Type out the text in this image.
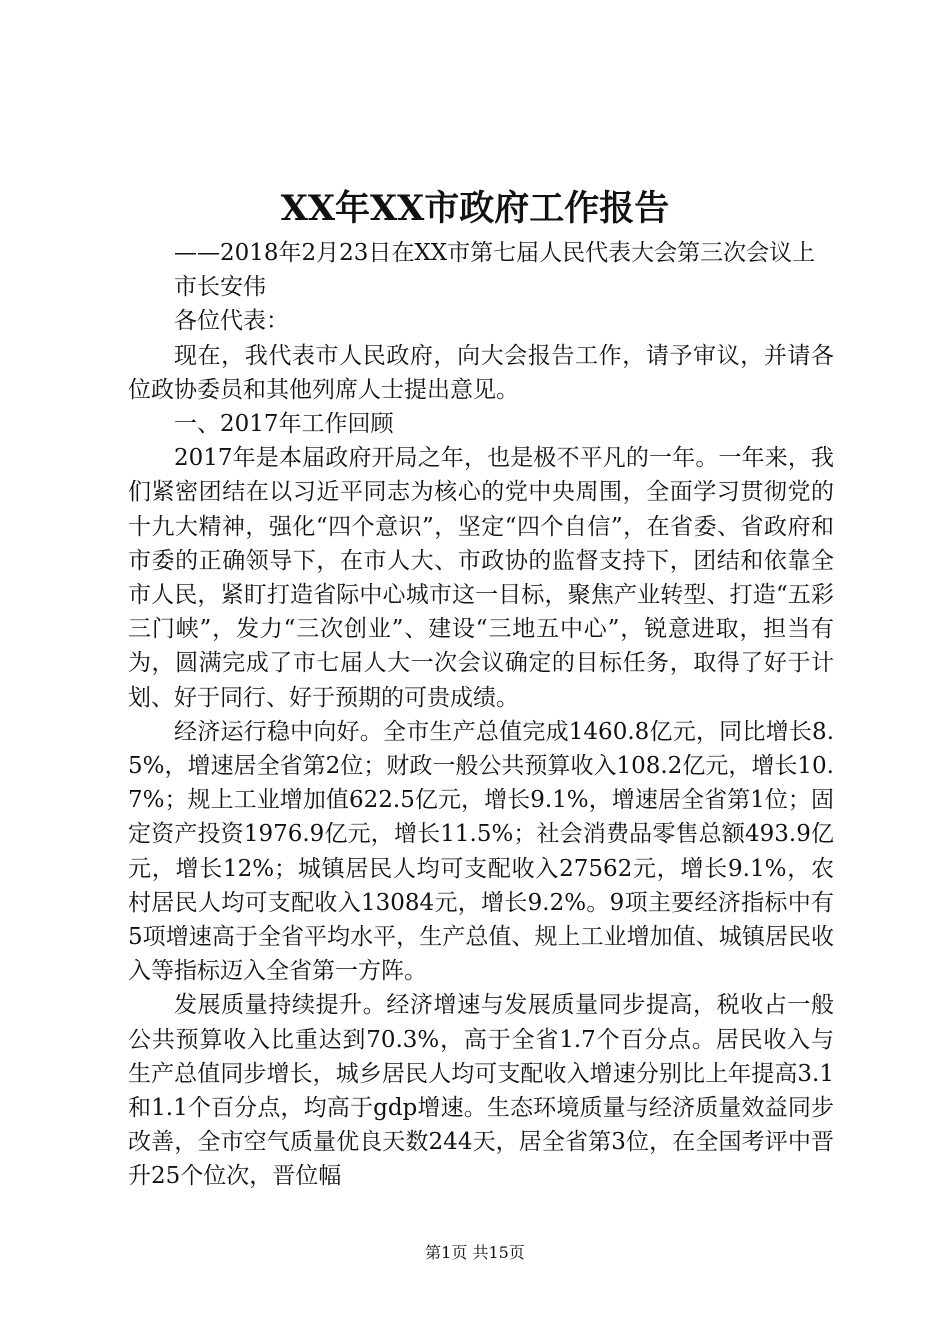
XX年XX市政府工作报告

——2018年2月23日在XX市第七届人民代表大会第三次会议上

市长安伟

各位代表：

现在，我代表市人民政府，向大会报告工作，请予审议，并请各位政协委员和其他列席人士提出意见。

一、2017年工作回顾

2017年是本届政府开局之年，也是极不平凡的一年。一年来，我们紧密团结在以习近平同志为核心的党中央周围，全面学习贯彻党的十九大精神，强化“四个意识”，坚定“四个自信”，在省委、省政府和市委的正确领导下，在市人大、市政协的监督支持下，团结和依靠全市人民，紧盯打造省际中心城市这一目标，聚焦产业转型、打造“五彩三门峡”，发力“三次创业”、建设“三地五中心”，锐意进取，担当有为，圆满完成了市七届人大一次会议确定的目标任务，取得了好于计划、好于同行、好于预期的可贵成绩。

经济运行稳中向好。全市生产总值完成1460.8亿元，同比增长8.5%，增速居全省第2位；财政一般公共预算收入108.2亿元，增长10.7%；规上工业增加值622.5亿元，增长9.1%，增速居全省第1位；固定资产投资1976.9亿元，增长11.5%；社会消费品零售总额493.9亿元，增长12%；城镇居民人均可支配收入27562元，增长9.1%，农村居民人均可支配收入13084元，增长9.2%。9项主要经济指标中有5项增速高于全省平均水平，生产总值、规上工业增加值、城镇居民收入等指标迈入全省第一方阵。

发展质量持续提升。经济增速与发展质量同步提高，税收占一般公共预算收入比重达到70.3%，高于全省1.7个百分点。居民收入与生产总值同步增长，城乡居民人均可支配收入增速分别比上年提高3.1和1.1个百分点，均高于gdp增速。生态环境质量与经济质量效益同步改善，全市空气质量优良天数244天，居全省第3位，在全国考评中晋升25个位次，晋位幅

第1页 共15页
